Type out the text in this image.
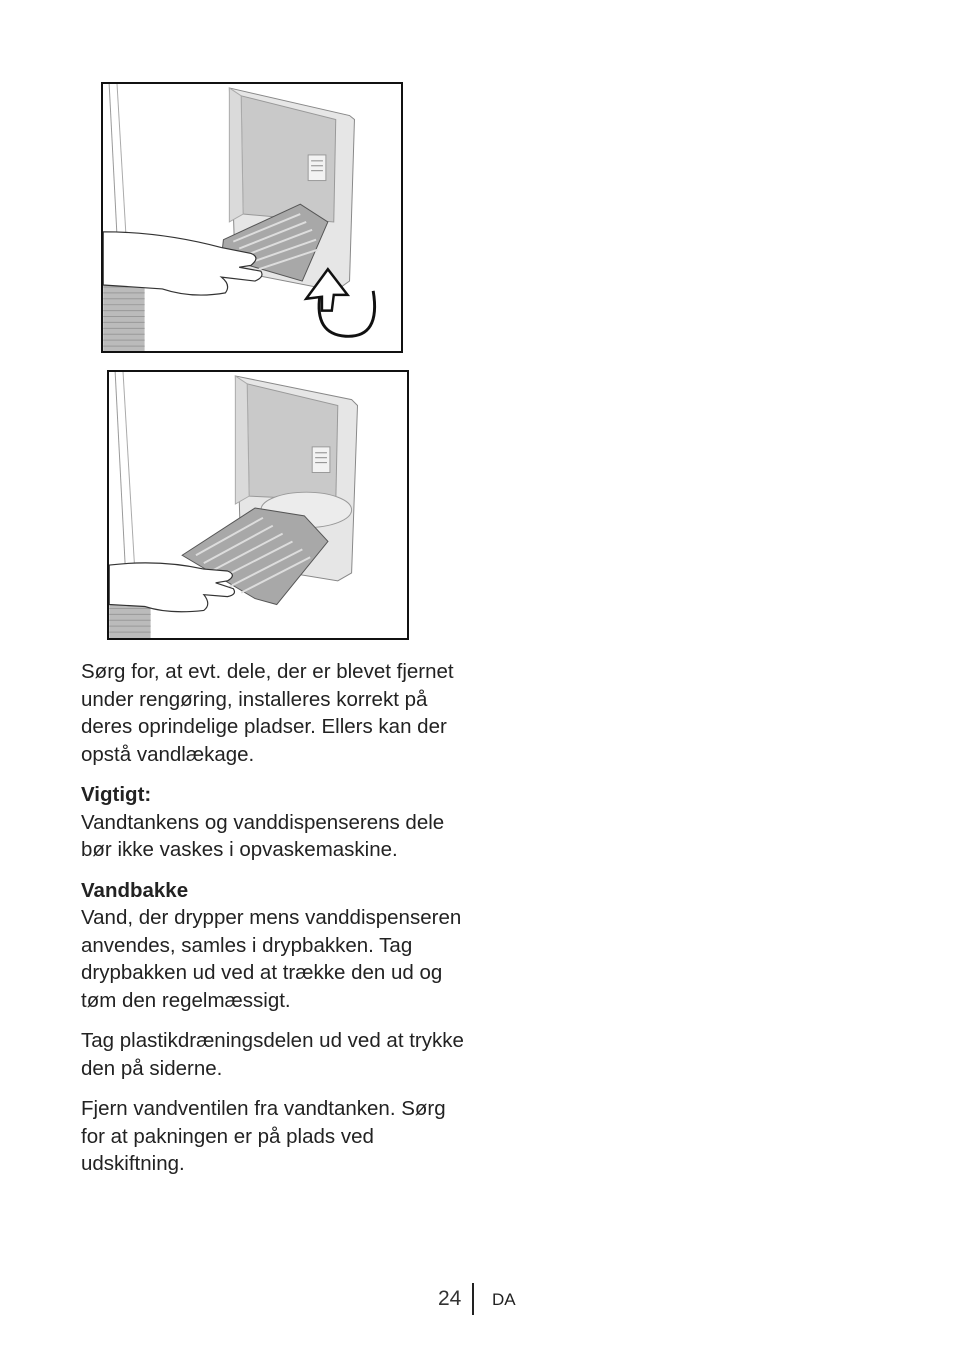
Sørg for, at evt. dele, der er blevet fjernet under rengøring, installeres korrekt på deres oprindelige pladser. Ellers kan der opstå vandlækage.

Vigtigt:
Vandtankens og vanddispenserens dele bør ikke vaskes i opvaskemaskine.

Vandbakke
Vand, der drypper mens vanddispenseren anvendes, samles i drypbakken. Tag drypbakken ud ved at trække den ud og tøm den regelmæssigt.

Tag plastikdræningsdelen ud ved at trykke den på siderne.

Fjern vandventilen fra vandtanken. Sørg for at pakningen er på plads ved udskiftning.

24 DA
